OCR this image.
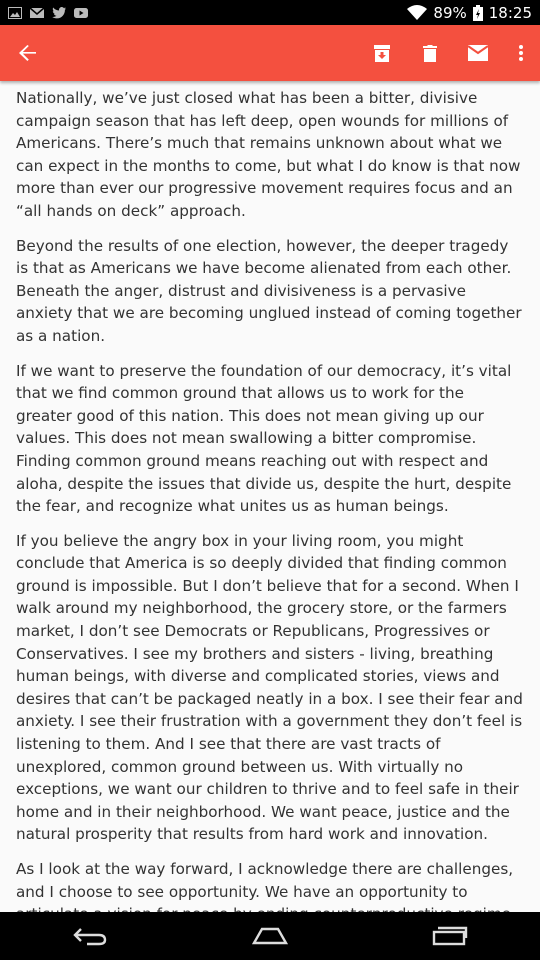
89% 18:25

Nationally, we’ve just closed what has been a bitter, divisive campaign season that has left deep, open wounds for millions of Americans. There’s much that remains unknown about what we can expect in the months to come, but what I do know is that now more than ever our progressive movement requires focus and an “all hands on deck” approach.

Beyond the results of one election, however, the deeper tragedy is that as Americans we have become alienated from each other. Beneath the anger, distrust and divisiveness is a pervasive anxiety that we are becoming unglued instead of coming together as a nation.

If we want to preserve the foundation of our democracy, it’s vital that we find common ground that allows us to work for the greater good of this nation. This does not mean giving up our values. This does not mean swallowing a bitter compromise. Finding common ground means reaching out with respect and aloha, despite the issues that divide us, despite the hurt, despite the fear, and recognize what unites us as human beings.

If you believe the angry box in your living room, you might conclude that America is so deeply divided that finding common ground is impossible. But I don’t believe that for a second. When I walk around my neighborhood, the grocery store, or the farmers market, I don’t see Democrats or Republicans, Progressives or Conservatives. I see my brothers and sisters - living, breathing human beings, with diverse and complicated stories, views and desires that can’t be packaged neatly in a box. I see their fear and anxiety. I see their frustration with a government they don’t feel is listening to them. And I see that there are vast tracts of unexplored, common ground between us. With virtually no exceptions, we want our children to thrive and to feel safe in their home and in their neighborhood. We want peace, justice and the natural prosperity that results from hard work and innovation.

As I look at the way forward, I acknowledge there are challenges, and I choose to see opportunity. We have an opportunity to
